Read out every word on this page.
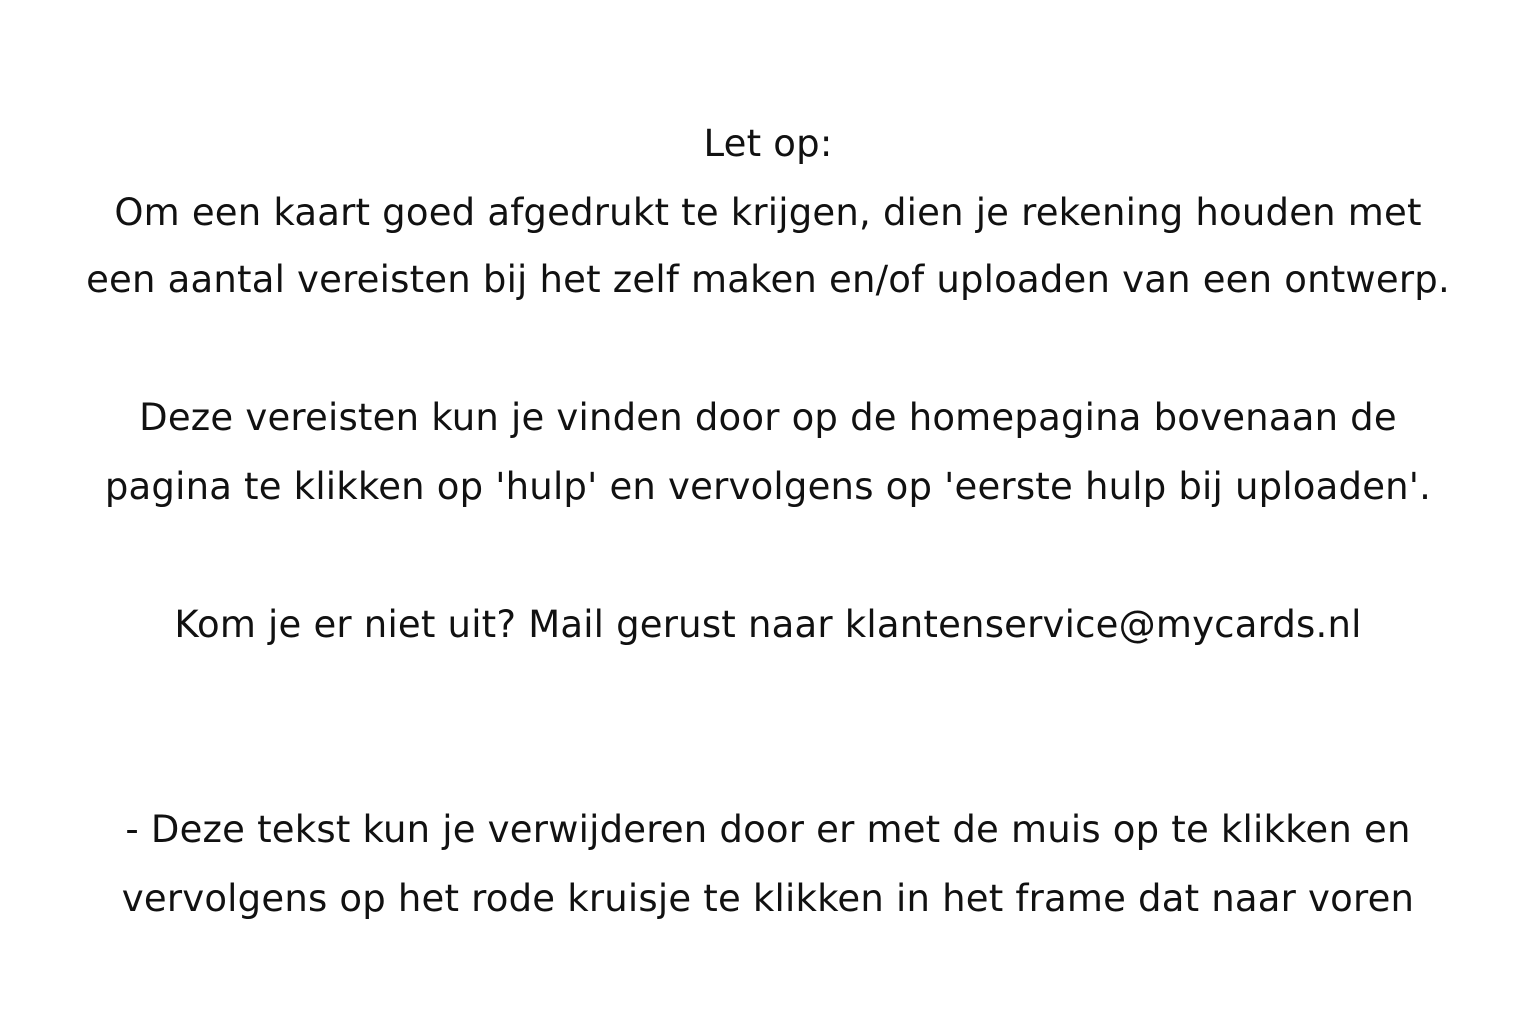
Let op:
Om een kaart goed afgedrukt te krijgen, dien je rekening houden met
een aantal vereisten bij het zelf maken en/of uploaden van een ontwerp.
Deze vereisten kun je vinden door op de homepagina bovenaan de
pagina te klikken op 'hulp' en vervolgens op 'eerste hulp bij uploaden'.
Kom je er niet uit? Mail gerust naar klantenservice@mycards.nl
- Deze tekst kun je verwijderen door er met de muis op te klikken en
vervolgens op het rode kruisje te klikken in het frame dat naar voren
